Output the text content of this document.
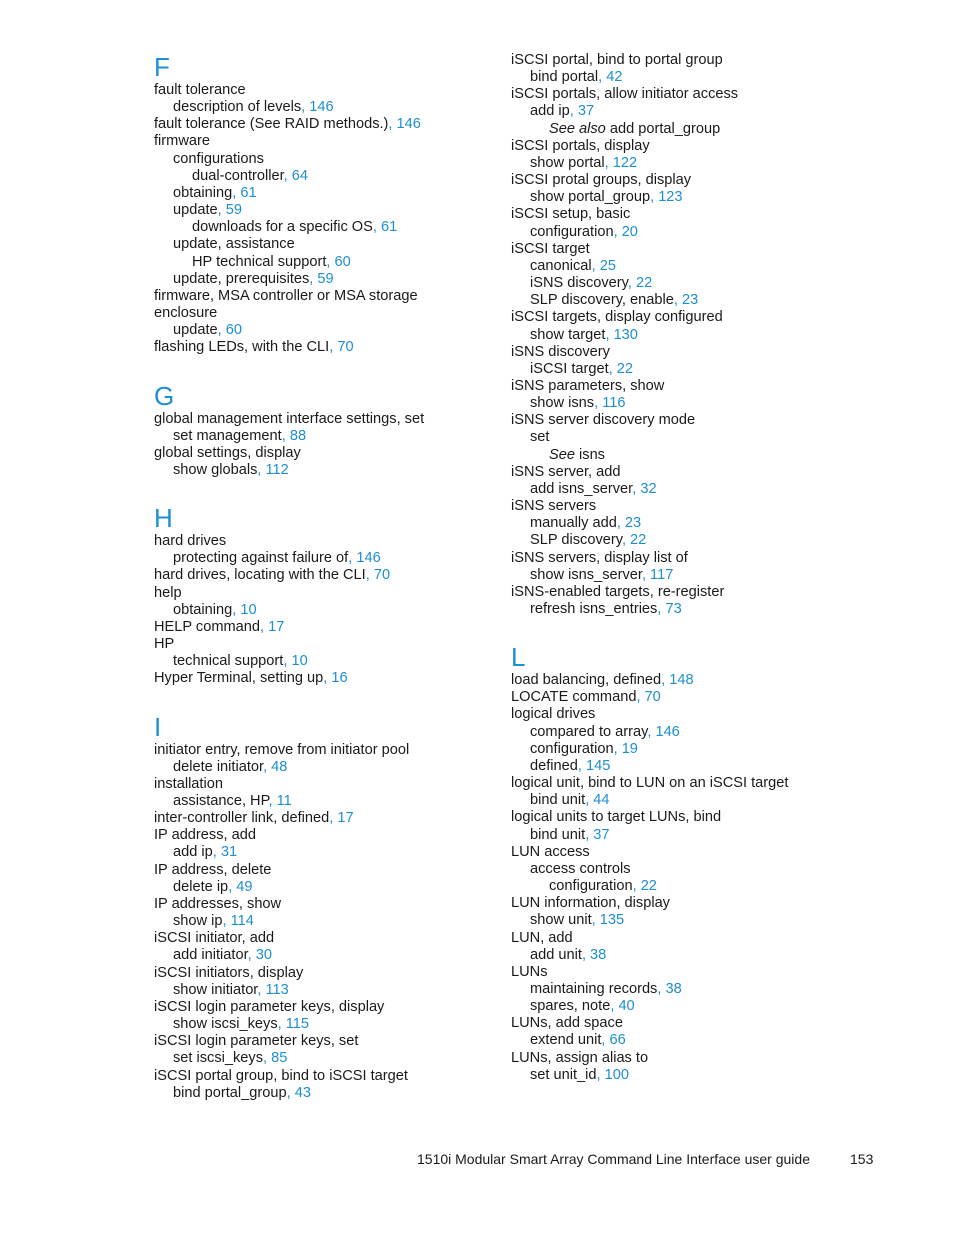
F
fault tolerance
description of levels, 146
fault tolerance (See RAID methods.), 146
firmware
configurations
dual-controller, 64
obtaining, 61
update, 59
downloads for a specific OS, 61
update, assistance
HP technical support, 60
update, prerequisites, 59
firmware, MSA controller or MSA storage
enclosure
update, 60
flashing LEDs, with the CLI, 70
G
global management interface settings, set
set management, 88
global settings, display
show globals, 112
H
hard drives
protecting against failure of, 146
hard drives, locating with the CLI, 70
help
obtaining, 10
HELP command, 17
HP
technical support, 10
Hyper Terminal, setting up, 16
I
initiator entry, remove from initiator pool
delete initiator, 48
installation
assistance, HP, 11
inter-controller link, defined, 17
IP address, add
add ip, 31
IP address, delete
delete ip, 49
IP addresses, show
show ip, 114
iSCSI initiator, add
add initiator, 30
iSCSI initiators, display
show initiator, 113
iSCSI login parameter keys, display
show iscsi_keys, 115
iSCSI login parameter keys, set
set iscsi_keys, 85
iSCSI portal group, bind to iSCSI target
bind portal_group, 43
iSCSI portal, bind to portal group
bind portal, 42
iSCSI portals, allow initiator access
add ip, 37
See also add portal_group
iSCSI portals, display
show portal, 122
iSCSI protal groups, display
show portal_group, 123
iSCSI setup, basic
configuration, 20
iSCSI target
canonical, 25
iSNS discovery, 22
SLP discovery, enable, 23
iSCSI targets, display configured
show target, 130
iSNS discovery
iSCSI target, 22
iSNS parameters, show
show isns, 116
iSNS server discovery mode
set
See isns
iSNS server, add
add isns_server, 32
iSNS servers
manually add, 23
SLP discovery, 22
iSNS servers, display list of
show isns_server, 117
iSNS-enabled targets, re-register
refresh isns_entries, 73
L
load balancing, defined, 148
LOCATE command, 70
logical drives
compared to array, 146
configuration, 19
defined, 145
logical unit, bind to LUN on an iSCSI target
bind unit, 44
logical units to target LUNs, bind
bind unit, 37
LUN access
access controls
configuration, 22
LUN information, display
show unit, 135
LUN, add
add unit, 38
LUNs
maintaining records, 38
spares, note, 40
LUNs, add space
extend unit, 66
LUNs, assign alias to
set unit_id, 100
1510i Modular Smart Array Command Line Interface user guide	153
